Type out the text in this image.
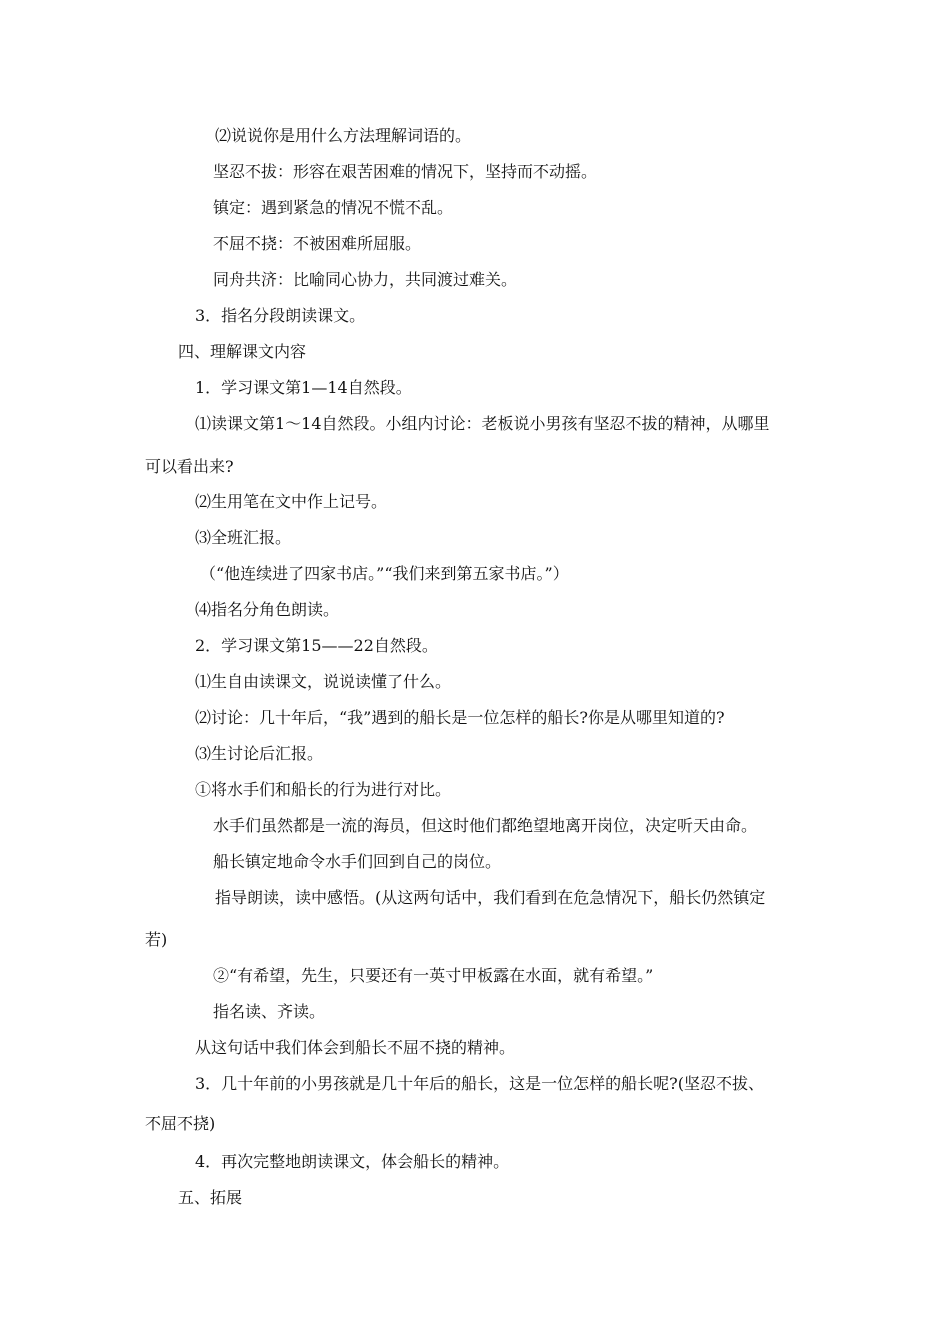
⑵说说你是用什么方法理解词语的。
坚忍不拔：形容在艰苦困难的情况下，坚持而不动摇。
镇定：遇到紧急的情况不慌不乱。
不屈不挠：不被困难所屈服。
同舟共济：比喻同心协力，共同渡过难关。
3．指名分段朗读课文。
四、理解课文内容
1．学习课文第1—14自然段。
⑴读课文第1～14自然段。小组内讨论：老板说小男孩有坚忍不拔的精神，从哪里
可以看出来?
⑵生用笔在文中作上记号。
⑶全班汇报。
（“他连续进了四家书店。”“我们来到第五家书店。”）
⑷指名分角色朗读。
2．学习课文第15——22自然段。
⑴生自由读课文，说说读懂了什么。
⑵讨论：几十年后，“我”遇到的船长是一位怎样的船长?你是从哪里知道的?
⑶生讨论后汇报。
①将水手们和船长的行为进行对比。
水手们虽然都是一流的海员，但这时他们都绝望地离开岗位，决定听天由命。
船长镇定地命令水手们回到自己的岗位。
指导朗读，读中感悟。(从这两句话中，我们看到在危急情况下，船长仍然镇定
若)
②“有希望，先生，只要还有一英寸甲板露在水面，就有希望。”
指名读、齐读。
从这句话中我们体会到船长不屈不挠的精神。
3．几十年前的小男孩就是几十年后的船长，这是一位怎样的船长呢?(坚忍不拔、
不屈不挠)
4．再次完整地朗读课文，体会船长的精神。
五、拓展
